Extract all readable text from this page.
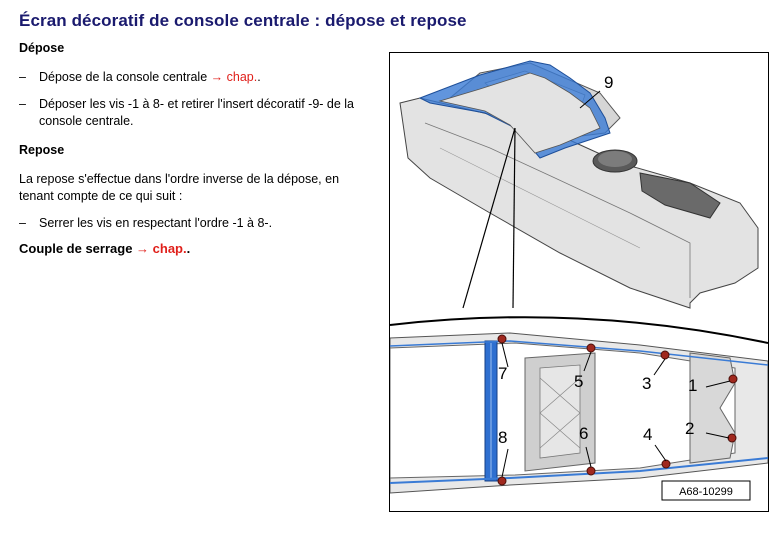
Écran décoratif de console centrale : dépose et repose

Dépose

–	Dépose de la console centrale → chap..
–	Déposer les vis -1 à 8- et retirer l'insert décoratif -9- de la console centrale.

Repose

La repose s'effectue dans l'ordre inverse de la dépose, en tenant compte de ce qui suit :

–	Serrer les vis en respectant l'ordre -1 à 8-.

Couple de serrage → chap..

9
7	5	3 1
8	6	4 2
A68-10299
